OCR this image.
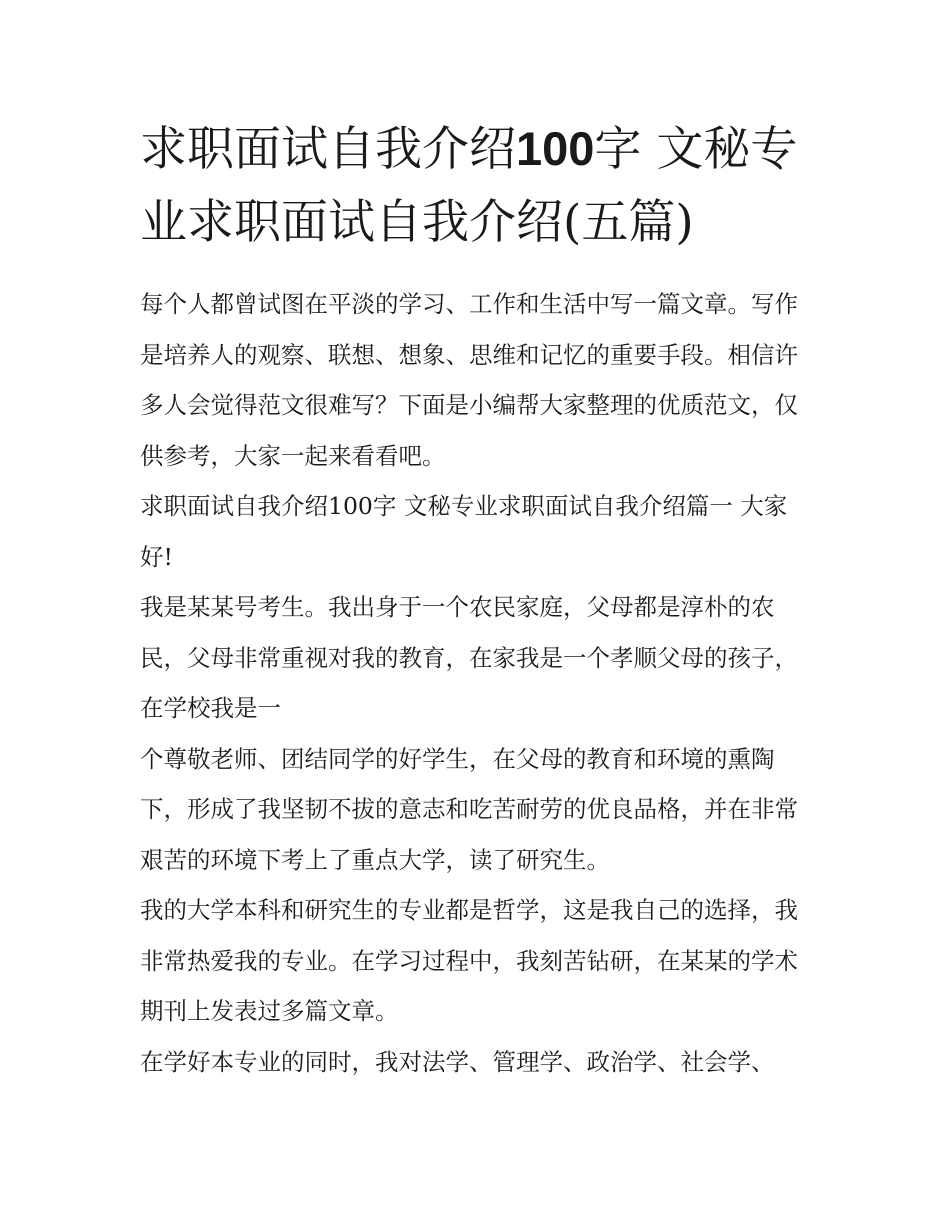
求职面试自我介绍100字 文秘专业求职面试自我介绍(五篇)

每个人都曾试图在平淡的学习、工作和生活中写一篇文章。写作是培养人的观察、联想、想象、思维和记忆的重要手段。相信许多人会觉得范文很难写？下面是小编帮大家整理的优质范文，仅供参考，大家一起来看看吧。

求职面试自我介绍100字 文秘专业求职面试自我介绍篇一 大家好!

我是某某号考生。我出身于一个农民家庭，父母都是淳朴的农民，父母非常重视对我的教育，在家我是一个孝顺父母的孩子，在学校我是一

个尊敬老师、团结同学的好学生，在父母的教育和环境的熏陶下，形成了我坚韧不拔的意志和吃苦耐劳的优良品格，并在非常艰苦的环境下考上了重点大学，读了研究生。

我的大学本科和研究生的专业都是哲学，这是我自己的选择，我非常热爱我的专业。在学习过程中，我刻苦钻研，在某某的学术期刊上发表过多篇文章。

在学好本专业的同时，我对法学、管理学、政治学、社会学、
